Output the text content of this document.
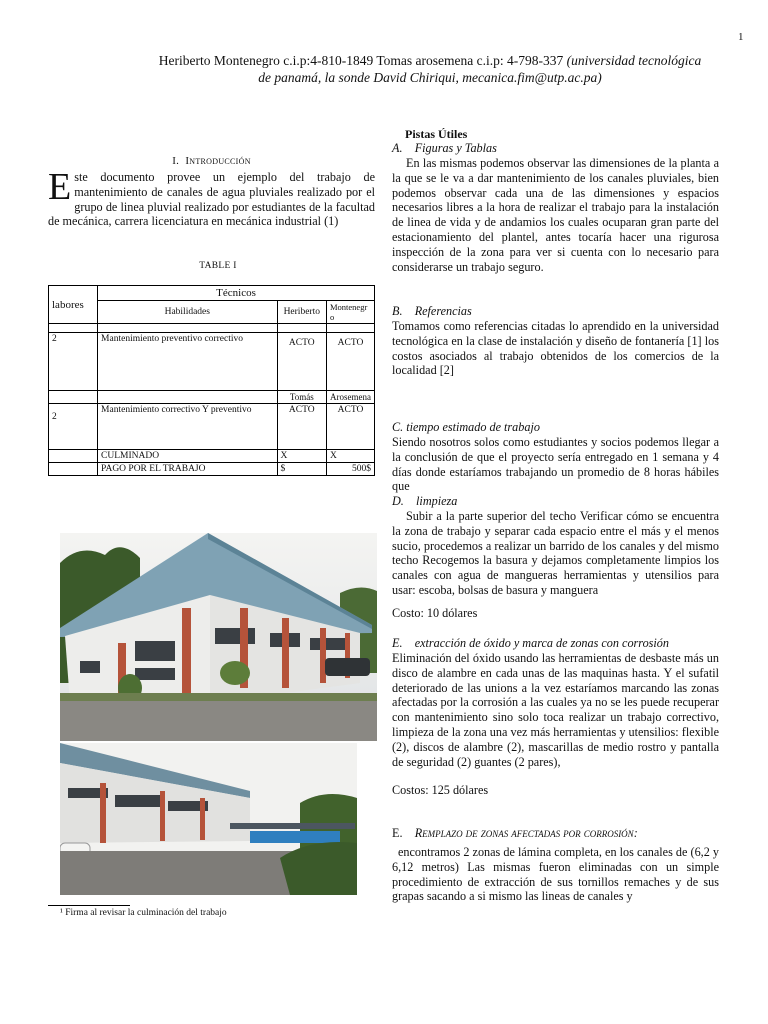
1
Heriberto Montenegro c.i.p:4-810-1849 Tomas arosemena c.i.p: 4-798-337 (universidad tecnológica
de panamá, la sonde David Chiriqui, mecanica.fim@utp.ac.pa)
I. Introducción
Este documento provee un ejemplo del trabajo de mantenimiento de canales de agua pluviales realizado por el grupo de linea pluvial realizado por estudiantes de la facultad de mecánica, carrera licenciatura en mecánica industrial (1)
TABLE I
labores	Técnicos		
	Habilidades	Heriberto	Montenegro

2	Mantenimiento preventivo correctivo	ACTO	ACTO
		Tomás	Arosemena
2	Mantenimiento correctivo Y preventivo	ACTO	ACTO
	CULMINADO	X	X
	PAGO POR EL TRABAJO	$	500$
¹ Firma al revisar la culminación del trabajo
Pistas Útiles
A. Figuras y Tablas
En las mismas podemos observar las dimensiones de la planta a la que se le va a dar mantenimiento de los canales pluviales, bien podemos observar cada una de las dimensiones y espacios necesarios libres a la hora de realizar el trabajo para la instalación de linea de vida y de andamios los cuales ocuparan gran parte del estacionamiento del plantel, antes tocaría hacer una rigurosa inspección de la zona para ver si cuenta con lo necesario para considerarse un trabajo seguro.
B. Referencias
Tomamos como referencias citadas lo aprendido en la universidad tecnológica en la clase de instalación y diseño de fontanería [1] los costos asociados al trabajo obtenidos de los comercios de la localidad [2]
C. tiempo estimado de trabajo
Siendo nosotros solos como estudiantes y socios podemos llegar a la conclusión de que el proyecto sería entregado en 1 semana y 4 días donde estaríamos trabajando un promedio de 8 horas hábiles que
D. limpieza
Subir a la parte superior del techo Verificar cómo se encuentra la zona de trabajo y separar cada espacio entre el más y el menos sucio, procedemos a realizar un barrido de los canales y del mismo techo Recogemos la basura y dejamos completamente limpios los canales con agua de mangueras herramientas y utensilios para usar: escoba, bolsas de basura y manguera
Costo: 10 dólares
E. extracción de óxido y marca de zonas con corrosión
Eliminación del óxido usando las herramientas de desbaste más un disco de alambre en cada unas de las maquinas hasta. Y el sufatil deteriorado de las unions a la vez estaríamos marcando las zonas afectadas por la corrosión a las cuales ya no se les puede recuperar con mantenimiento sino solo toca realizar un trabajo correctivo, limpieza de la zona una vez más herramientas y utensilios: flexible (2), discos de alambre (2), mascarillas de medio rostro y pantalla de seguridad (2) guantes (2 pares),
Costos: 125 dólares
E. Remplazo de zonas afectadas por corrosión:
encontramos 2 zonas de lámina completa, en los canales de (6,2 y 6,12 metros) Las mismas fueron eliminadas con un simple procedimiento de extracción de sus tornillos remaches y de sus grapas sacando a si mismo las lineas de canales y
